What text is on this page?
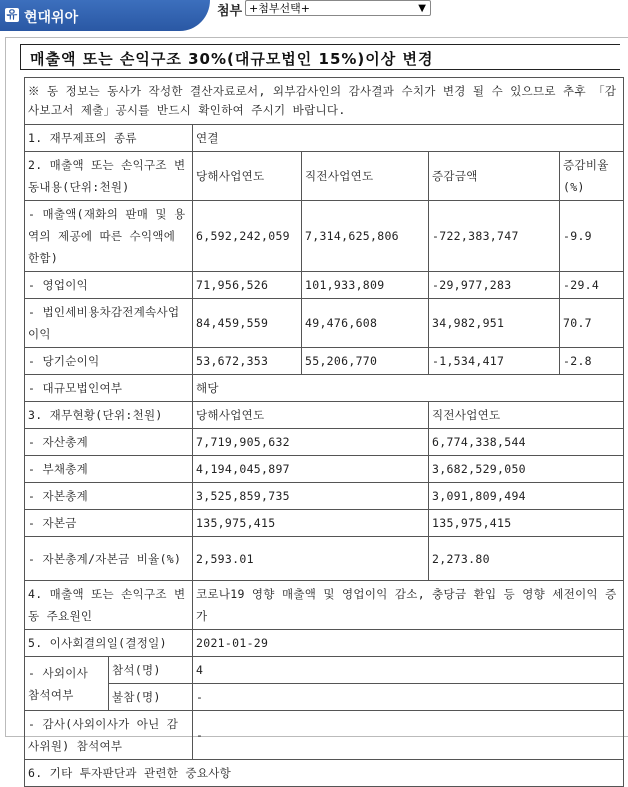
유 현대위아	첨부 +첨부선택+	▼
매출액 또는 손익구조 30%(대규모법인 15%)이상 변경
※ 동 정보는 동사가 작성한 결산자료로서, 외부감사인의 감사결과 수치가 변경 될 수 있으므로 추후 「감사보고서 제출」공시를 반드시 확인하여 주시기 바랍니다.					
1. 재무제표의 종류		연결			
2. 매출액 또는 손익구조 변동내용(단위:천원)		당해사업연도	직전사업연도	증감금액	증감비율(%)
- 매출액(재화의 판매 및 용역의 제공에 따른 수익액에 한함)		6,592,242,059	7,314,625,806	-722,383,747	-9.9
- 영업이익		71,956,526	101,933,809	-29,977,283	-29.4
- 법인세비용차감전계속사업이익		84,459,559	49,476,608	34,982,951	70.7
- 당기순이익		53,672,353	55,206,770	-1,534,417	-2.8
- 대규모법인여부		해당			
3. 재무현황(단위:천원)		당해사업연도		직전사업연도	
- 자산총계		7,719,905,632		6,774,338,544	
- 부채총계		4,194,045,897		3,682,529,050	
- 자본총계		3,525,859,735		3,091,809,494	
- 자본금		135,975,415		135,975,415	
- 자본총계/자본금 비율(%)		2,593.01		2,273.80	
4. 매출액 또는 손익구조 변동 주요원인		코로나19 영향 매출액 및 영업이익 감소, 충당금 환입 등 영향 세전이익 증가			
5. 이사회결의일(결정일)		2021-01-29			
- 사외이사 참석여부	참석(명)	4			
	불참(명)	-			
- 감사(사외이사가 아닌 감사위원) 참석여부		-			
6. 기타 투자판단과 관련한 중요사항					
